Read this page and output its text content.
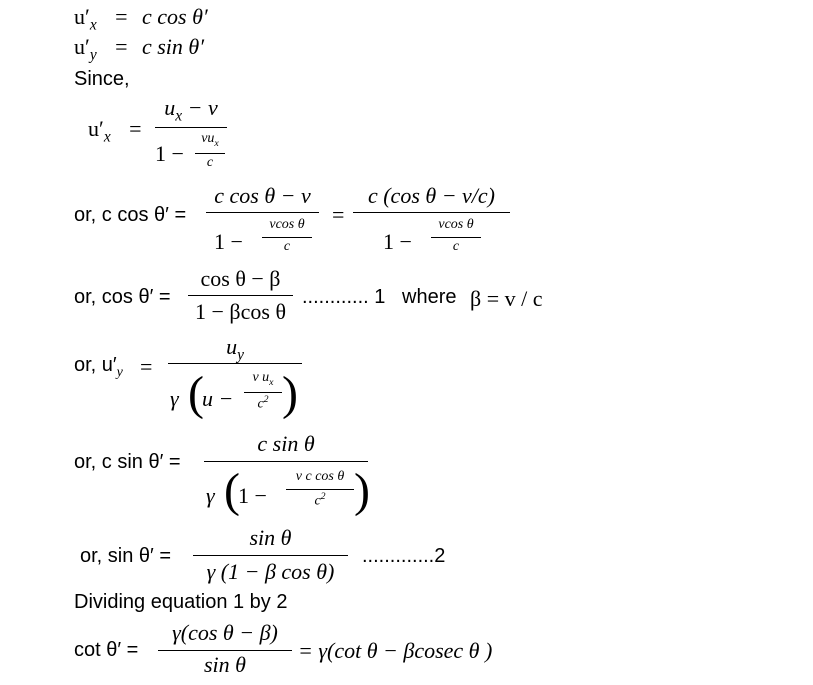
$u'_x = c$ cos θ′
$u'_y = c$ sin θ′
Since,
$u'_x$ =
$u_x - v$
1 −
$vu_x$
c
or, c cos θ′ =
c cos θ − v
1 −
vcos θ
c
=
c (cos θ − v/c)
1 −
vcos θ
c
or, cos θ′ =
cos θ − β
1 − βcos θ
............ 1 where β = v / c
or, $u'_y$ =
$u_y$
γ (
u −
v $u_x$
$c^2$ )
or, c sin θ′ =
c sin θ
γ (
1 −
v c cos θ
$c^2$ )
or, sin θ′ =
sin θ
γ (1 − β cos θ)
.............2
Dividing equation 1 by 2
cot θ′ =
γ(cos θ − β)
sin θ
= γ(cot θ − βcosec θ )
